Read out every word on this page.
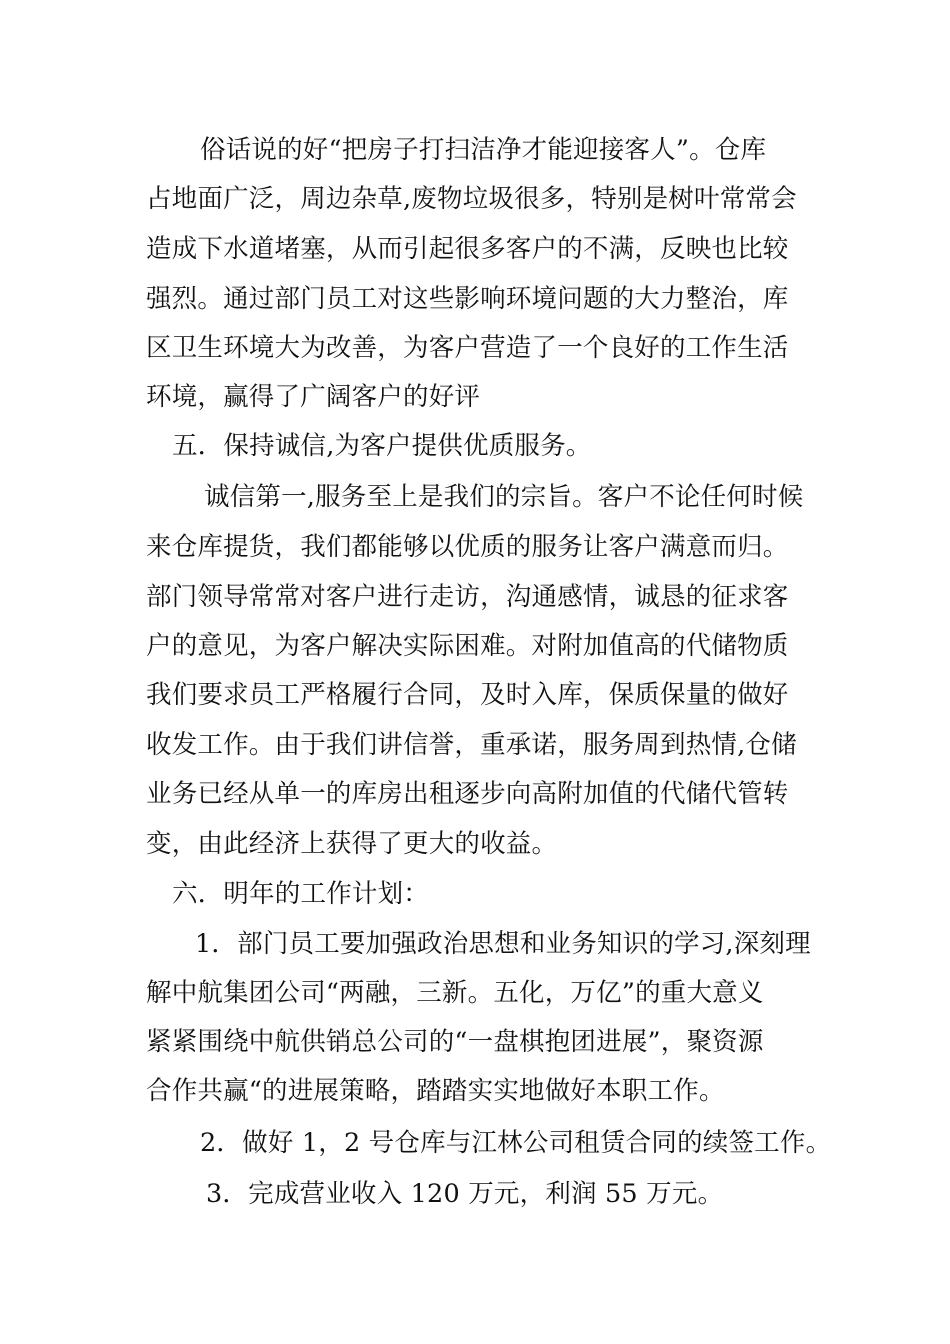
俗话说的好“把房子打扫洁净才能迎接客人”。仓库
占地面广泛，周边杂草,废物垃圾很多，特别是树叶常常会
造成下水道堵塞，从而引起很多客户的不满，反映也比较
强烈。通过部门员工对这些影响环境问题的大力整治，库
区卫生环境大为改善，为客户营造了一个良好的工作生活
环境，赢得了广阔客户的好评
五．保持诚信,为客户提供优质服务。
诚信第一,服务至上是我们的宗旨。客户不论任何时候
来仓库提货，我们都能够以优质的服务让客户满意而归。
部门领导常常对客户进行走访，沟通感情，诚恳的征求客
户的意见，为客户解决实际困难。对附加值高的代储物质
我们要求员工严格履行合同，及时入库，保质保量的做好
收发工作。由于我们讲信誉，重承诺，服务周到热情,仓储
业务已经从单一的库房出租逐步向高附加值的代储代管转
变，由此经济上获得了更大的收益。
六．明年的工作计划：
1．部门员工要加强政治思想和业务知识的学习,深刻理
解中航集团公司“两融，三新。五化，万亿”的重大意义
紧紧围绕中航供销总公司的“一盘棋抱团进展”，聚资源
合作共赢“的进展策略，踏踏实实地做好本职工作。
2．做好 1，2 号仓库与江林公司租赁合同的续签工作。
3．完成营业收入 120 万元，利润 55 万元。
